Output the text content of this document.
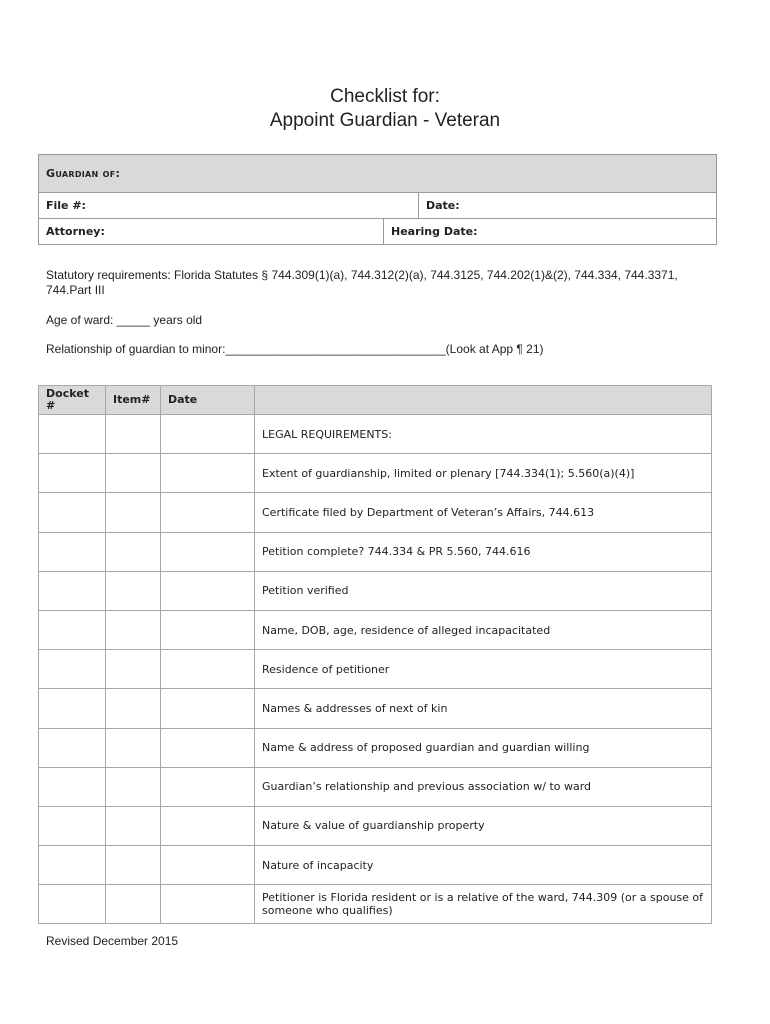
Checklist for:
Appoint Guardian - Veteran
Guardian of:
File #:	Date:
Attorney:	Hearing Date:
Statutory requirements: Florida Statutes § 744.309(1)(a), 744.312(2)(a), 744.3125, 744.202(1)&(2), 744.334, 744.3371, 744.Part III
Age of ward: _____ years old
Relationship of guardian to minor:_________________________________(Look at App ¶ 21)
Docket #	Item#	Date	
			LEGAL REQUIREMENTS:
			Extent of guardianship, limited or plenary [744.334(1); 5.560(a)(4)]
			Certificate filed by Department of Veteran’s Affairs, 744.613
			Petition complete? 744.334 & PR 5.560, 744.616
			Petition verified
			Name, DOB, age, residence of alleged incapacitated
			Residence of petitioner
			Names & addresses of next of kin
			Name & address of proposed guardian and guardian willing
			Guardian’s relationship and previous association w/ to ward
			Nature & value of guardianship property
			Nature of incapacity
			Petitioner is Florida resident or is a relative of the ward, 744.309 (or a spouse of someone who qualifies)
Revised December 2015
